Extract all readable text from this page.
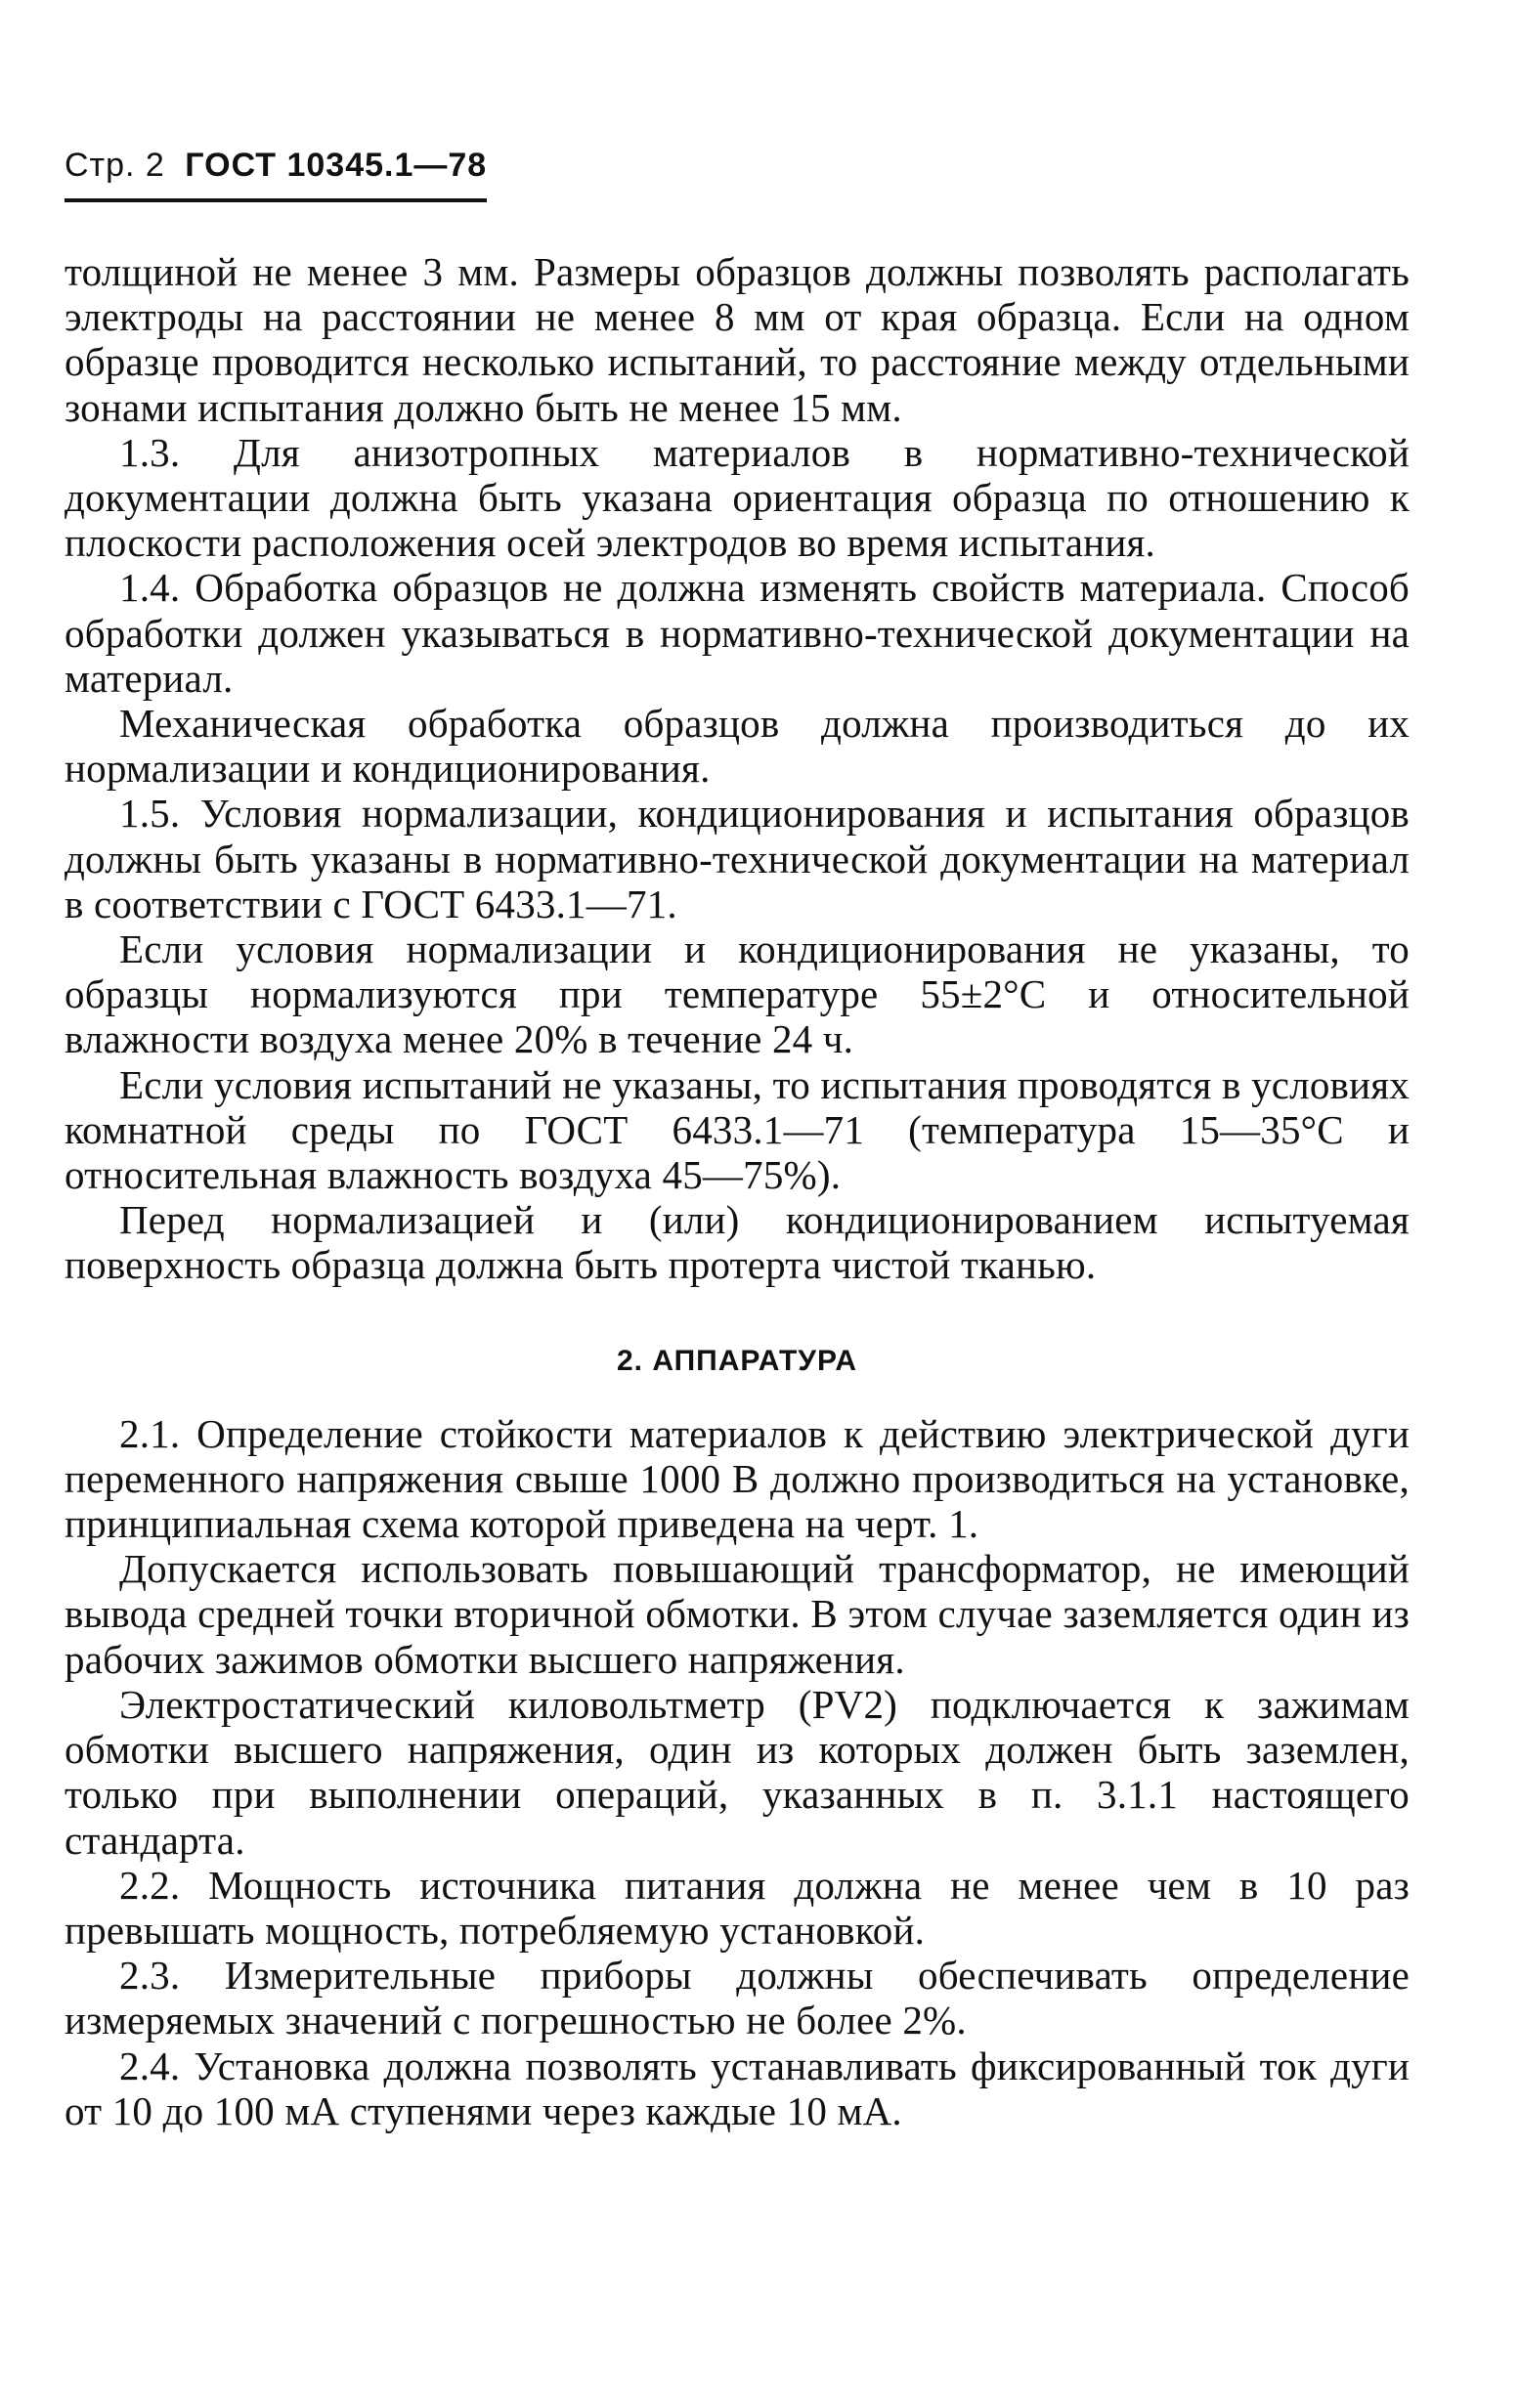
Стр. 2 ГОСТ 10345.1—78

толщиной не менее 3 мм. Размеры образцов должны позволять располагать электроды на расстоянии не менее 8 мм от края образца. Если на одном образце проводится несколько испытаний, то расстояние между отдельными зонами испытания должно быть не менее 15 мм.

1.3. Для анизотропных материалов в нормативно-технической документации должна быть указана ориентация образца по отношению к плоскости расположения осей электродов во время испытания.

1.4. Обработка образцов не должна изменять свойств материала. Способ обработки должен указываться в нормативно-технической документации на материал.

Механическая обработка образцов должна производиться до их нормализации и кондиционирования.

1.5. Условия нормализации, кондиционирования и испытания образцов должны быть указаны в нормативно-технической документации на материал в соответствии с ГОСТ 6433.1—71.

Если условия нормализации и кондиционирования не указаны, то образцы нормализуются при температуре 55±2°С и относительной влажности воздуха менее 20% в течение 24 ч.

Если условия испытаний не указаны, то испытания проводятся в условиях комнатной среды по ГОСТ 6433.1—71 (температура 15—35°С и относительная влажность воздуха 45—75%).

Перед нормализацией и (или) кондиционированием испытуемая поверхность образца должна быть протерта чистой тканью.

2. АППАРАТУРА

2.1. Определение стойкости материалов к действию электрической дуги переменного напряжения свыше 1000 В должно производиться на установке, принципиальная схема которой приведена на черт. 1.

Допускается использовать повышающий трансформатор, не имеющий вывода средней точки вторичной обмотки. В этом случае заземляется один из рабочих зажимов обмотки высшего напряжения.

Электростатический киловольтметр (PV2) подключается к зажимам обмотки высшего напряжения, один из которых должен быть заземлен, только при выполнении операций, указанных в п. 3.1.1 настоящего стандарта.

2.2. Мощность источника питания должна не менее чем в 10 раз превышать мощность, потребляемую установкой.

2.3. Измерительные приборы должны обеспечивать определение измеряемых значений с погрешностью не более 2%.

2.4. Установка должна позволять устанавливать фиксированный ток дуги от 10 до 100 мА ступенями через каждые 10 мА.
